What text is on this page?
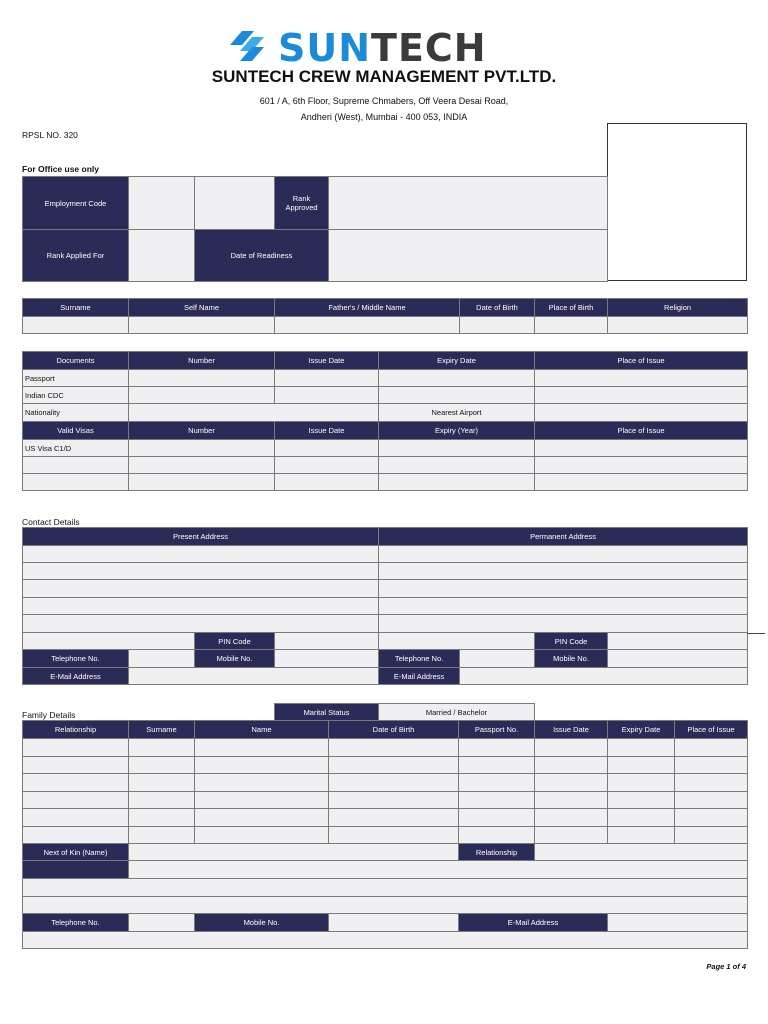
SUNTECH
SUNTECH CREW MANAGEMENT PVT.LTD.
601 / A, 6th Floor, Supreme Chmabers, Off Veera Desai Road,
Andheri (West), Mumbai - 400 053, INDIA
RPSL NO. 320
For Office use only
Employment Code			Rank Approved	
Rank Applied For		Date of Readiness		
Surname	Self Name	Father's / Middle Name	Date of Birth	Place of Birth	Religion

Documents	Number	Issue Date	Expiry Date	Place of Issue
Passport				
Indian CDC				
Nationality			Nearest Airport	
Valid Visas	Number	Issue Date	Expiry (Year)	Place of Issue
US Visa C1/D				

Contact Details
Present Address				Permanent Address			

		PIN Code				PIN Code	
Telephone No.		Mobile No.		Telephone No.		Mobile No.	
E-Mail Address				E-Mail Address			
Family Details	Marital Status	Married / Bachelor
Relationship	Surname	Name	Date of Birth	Passport No.	Issue Date	Expiry Date	Place of Issue

Next of Kin (Name)				Relationship			

Telephone No.		Mobile No.		E-Mail Address			

Page 1 of 4
